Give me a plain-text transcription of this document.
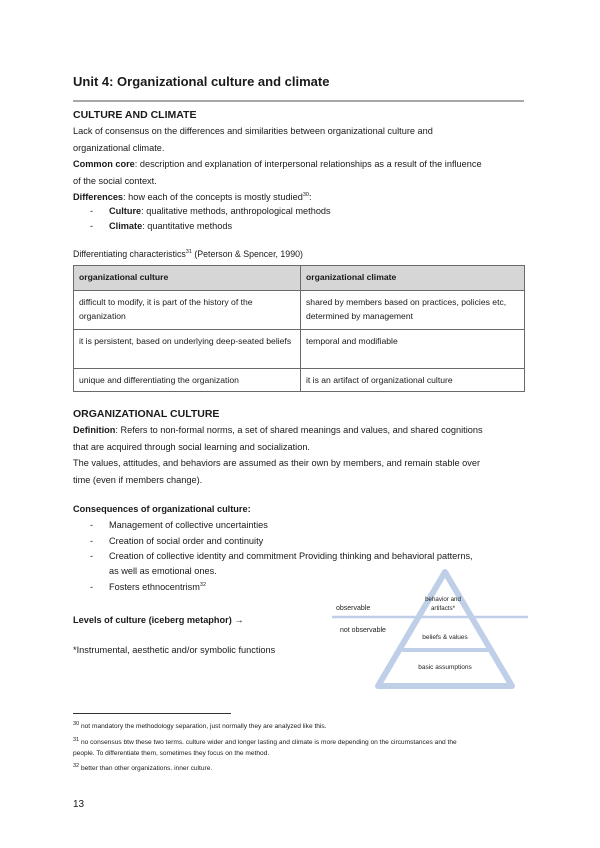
Unit 4: Organizational culture and climate
CULTURE AND CLIMATE
Lack of consensus on the differences and similarities between organizational culture and
organizational climate.
Common core: description and explanation of interpersonal relationships as a result of the influence
of the social context.
Differences: how each of the concepts is mostly studied$^{30}$:
- Culture: qualitative methods, anthropological methods
- Climate: quantitative methods
Differentiating characteristics$^{31}$ (Peterson & Spencer, 1990)
organizational culture	organizational climate
difficult to modify, it is part of the history of the organization	shared by members based on practices, policies etc, determined by management
it is persistent, based on underlying deep-seated beliefs	temporal and modifiable
unique and differentiating the organization	it is an artifact of organizational culture
ORGANIZATIONAL CULTURE
Definition: Refers to non-formal norms, a set of shared meanings and values, and shared cognitions
that are acquired through social learning and socialization.
The values, attitudes, and behaviors are assumed as their own by members, and remain stable over
time (even if members change).
Consequences of organizational culture:
- Management of collective uncertainties
- Creation of social order and continuity
- Creation of collective identity and commitment Providing thinking and behavioral patterns,
as well as emotional ones.
- Fosters ethnocentrism$^{32}$
Levels of culture (iceberg metaphor) →
*Instrumental, aesthetic and/or symbolic functions
observable
not observable
behavior and
artifacts*
beliefs & values
basic assumptions
$^{30}$ not mandatory the methodology separation, just normally they are analyzed like this.
$^{31}$ no consensus btw these two terms. culture wider and longer lasting and climate is more depending on the circumstances and the
people. To differentiate them, sometimes they focus on the method.
$^{32}$ better than other organizations. inner culture.
13
